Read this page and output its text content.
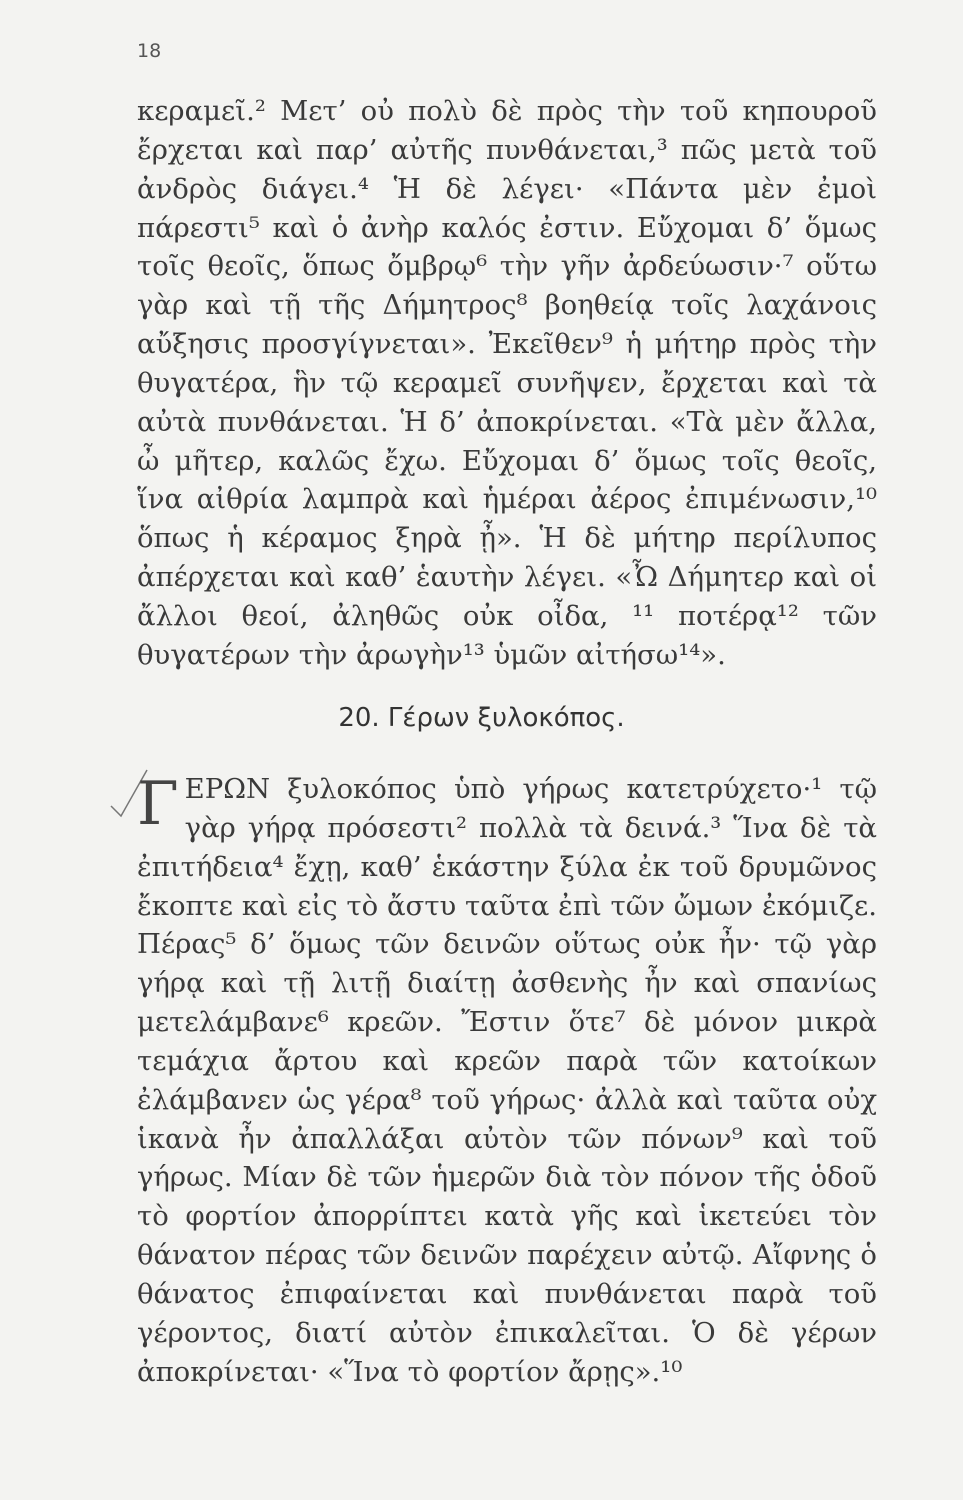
18

κεραμεῖ.² Μετ’ οὐ πολὺ δὲ πρὸς τὴν τοῦ κηπουροῦ ἔρχεται καὶ παρ’ αὐτῆς πυνθάνεται,³ πῶς μετὰ τοῦ ἀνδρὸς διάγει.⁴ Ἡ δὲ λέγει· «Πάντα μὲν ἐμοὶ πάρεστι⁵ καὶ ὁ ἀνὴρ καλός ἐστιν. Εὔχομαι δ’ ὅμως τοῖς θεοῖς, ὅπως ὄμβρῳ⁶ τὴν γῆν ἀρδεύωσιν·⁷ οὕτω γὰρ καὶ τῇ τῆς Δήμητρος⁸ βοηθείᾳ τοῖς λαχάνοις αὔξησις προσγίγνεται». Ἐκεῖθεν⁹ ἡ μήτηρ πρὸς τὴν θυγατέρα, ἣν τῷ κεραμεῖ συνῆψεν, ἔρχεται καὶ τὰ αὐτὰ πυνθάνεται. Ἡ δ’ ἀποκρίνεται. «Τὰ μὲν ἄλλα, ὦ μῆτερ, καλῶς ἔχω. Εὔχομαι δ’ ὅμως τοῖς θεοῖς, ἵνα αἰθρία λαμπρὰ καὶ ἡμέραι ἀέρος ἐπιμένωσιν,¹⁰ ὅπως ἡ κέραμος ξηρὰ ᾖ». Ἡ δὲ μήτηρ περίλυπος ἀπέρχεται καὶ καθ’ ἑαυτὴν λέγει. «Ὦ Δήμητερ καὶ οἱ ἄλλοι θεοί, ἀληθῶς οὐκ οἶδα, ¹¹ ποτέρᾳ¹² τῶν θυγατέρων τὴν ἀρωγὴν¹³ ὑμῶν αἰτήσω¹⁴».

20. Γέρων ξυλοκόπος.

ΓΕΡΩΝ ξυλοκόπος ὑπὸ γήρως κατετρύχετο·¹ τῷ γὰρ γήρᾳ πρόσεστι² πολλὰ τὰ δεινά.³ Ἵνα δὲ τὰ ἐπιτήδεια⁴ ἔχῃ, καθ’ ἑκάστην ξύλα ἐκ τοῦ δρυμῶνος ἔκοπτε καὶ εἰς τὸ ἄστυ ταῦτα ἐπὶ τῶν ὤμων ἐκόμιζε. Πέρας⁵ δ’ ὅμως τῶν δεινῶν οὕτως οὐκ ἦν· τῷ γὰρ γήρᾳ καὶ τῇ λιτῇ διαίτῃ ἀσθενὴς ἦν καὶ σπανίως μετελάμβανε⁶ κρεῶν. Ἔστιν ὅτε⁷ δὲ μόνον μικρὰ τεμάχια ἄρτου καὶ κρεῶν παρὰ τῶν κατοίκων ἐλάμβανεν ὡς γέρα⁸ τοῦ γήρως· ἀλλὰ καὶ ταῦτα οὐχ ἱκανὰ ἦν ἀπαλλάξαι αὐτὸν τῶν πόνων⁹ καὶ τοῦ γήρως. Μίαν δὲ τῶν ἡμερῶν διὰ τὸν πόνον τῆς ὁδοῦ τὸ φορτίον ἀπορρίπτει κατὰ γῆς καὶ ἱκετεύει τὸν θάνατον πέρας τῶν δεινῶν παρέχειν αὐτῷ. Αἴφνης ὁ θάνατος ἐπιφαίνεται καὶ πυνθάνεται παρὰ τοῦ γέροντος, διατί αὐτὸν ἐπικαλεῖται. Ὁ δὲ γέρων ἀποκρίνεται· «Ἵνα τὸ φορτίον ἄρῃς».¹⁰
